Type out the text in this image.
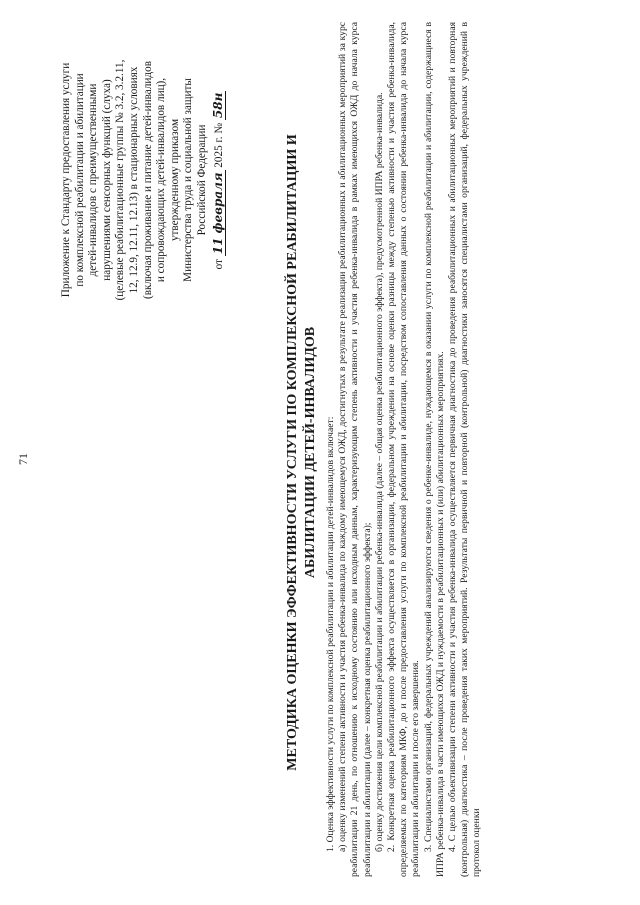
71
Приложение к Стандарту предоставления услуги по комплексной реабилитации и абилитации детей-инвалидов с преимущественными нарушениями сенсорных функций (слуха) (целевые реабилитационные группы № 3.2, 3.2.11, 12, 12.9, 12.11, 12.13) в стационарных условиях (включая проживание и питание детей-инвалидов и сопровождающих детей-инвалидов лиц), утвержденному приказом Министерства труда и социальной защиты Российской Федерации
от 11 февраля 2025 г. № 58н
МЕТОДИКА ОЦЕНКИ ЭФФЕКТИВНОСТИ УСЛУГИ ПО КОМПЛЕКСНОЙ РЕАБИЛИТАЦИИ И АБИЛИТАЦИИ ДЕТЕЙ-ИНВАЛИДОВ 1. Оценка эффективности услуги по комплексной реабилитации и абилитации детей-инвалидов включает: а) оценку изменений степени активности и участия ребенка-инвалида по каждому имеющемуся ОЖД, достигнутых в результате реализации реабилитационных и абилитационных мероприятий за курс реабилитации 21 день, по отношению к исходному состоянию или исходным данным, характеризующим степень активности и участия ребенка-инвалида в рамках имеющихся ОЖД до начала курса реабилитации и абилитации (далее – конкретная оценка реабилитационного эффекта); б) оценку достижения цели комплексной реабилитации и абилитации ребенка-инвалида (далее – общая оценка реабилитационного эффекта), предусмотренной ИПРА ребенка-инвалида. 2. Конкретная оценка реабилитационного эффекта осуществляется в организации, федеральном учреждении на основе оценки разницы между степенью активности и участия ребенка-инвалида, определяемых по категориям МКФ, до и после предоставления услуги по комплексной реабилитации и абилитации, посредством сопоставления данных о состоянии ребенка-инвалида до начала курса реабилитации и абилитации и после его завершения. 3. Специалистами организаций, федеральных учреждений анализируются сведения о ребенке-инвалиде, нуждающемся в оказании услуги по комплексной реабилитации и абилитации, содержащиеся в ИПРА ребенка-инвалида в части имеющихся ОЖД и нуждаемости в реабилитационных и (или) абилитационных мероприятиях. 4. С целью объективизации степени активности и участия ребенка-инвалида осуществляется первичная диагностика до проведения реабилитационных и абилитационных мероприятий и повторная (контрольная) диагностика – после проведения таких мероприятий. Результаты первичной и повторной (контрольной) диагностики заносятся специалистами организаций, федеральных учреждений в протокол оценки
